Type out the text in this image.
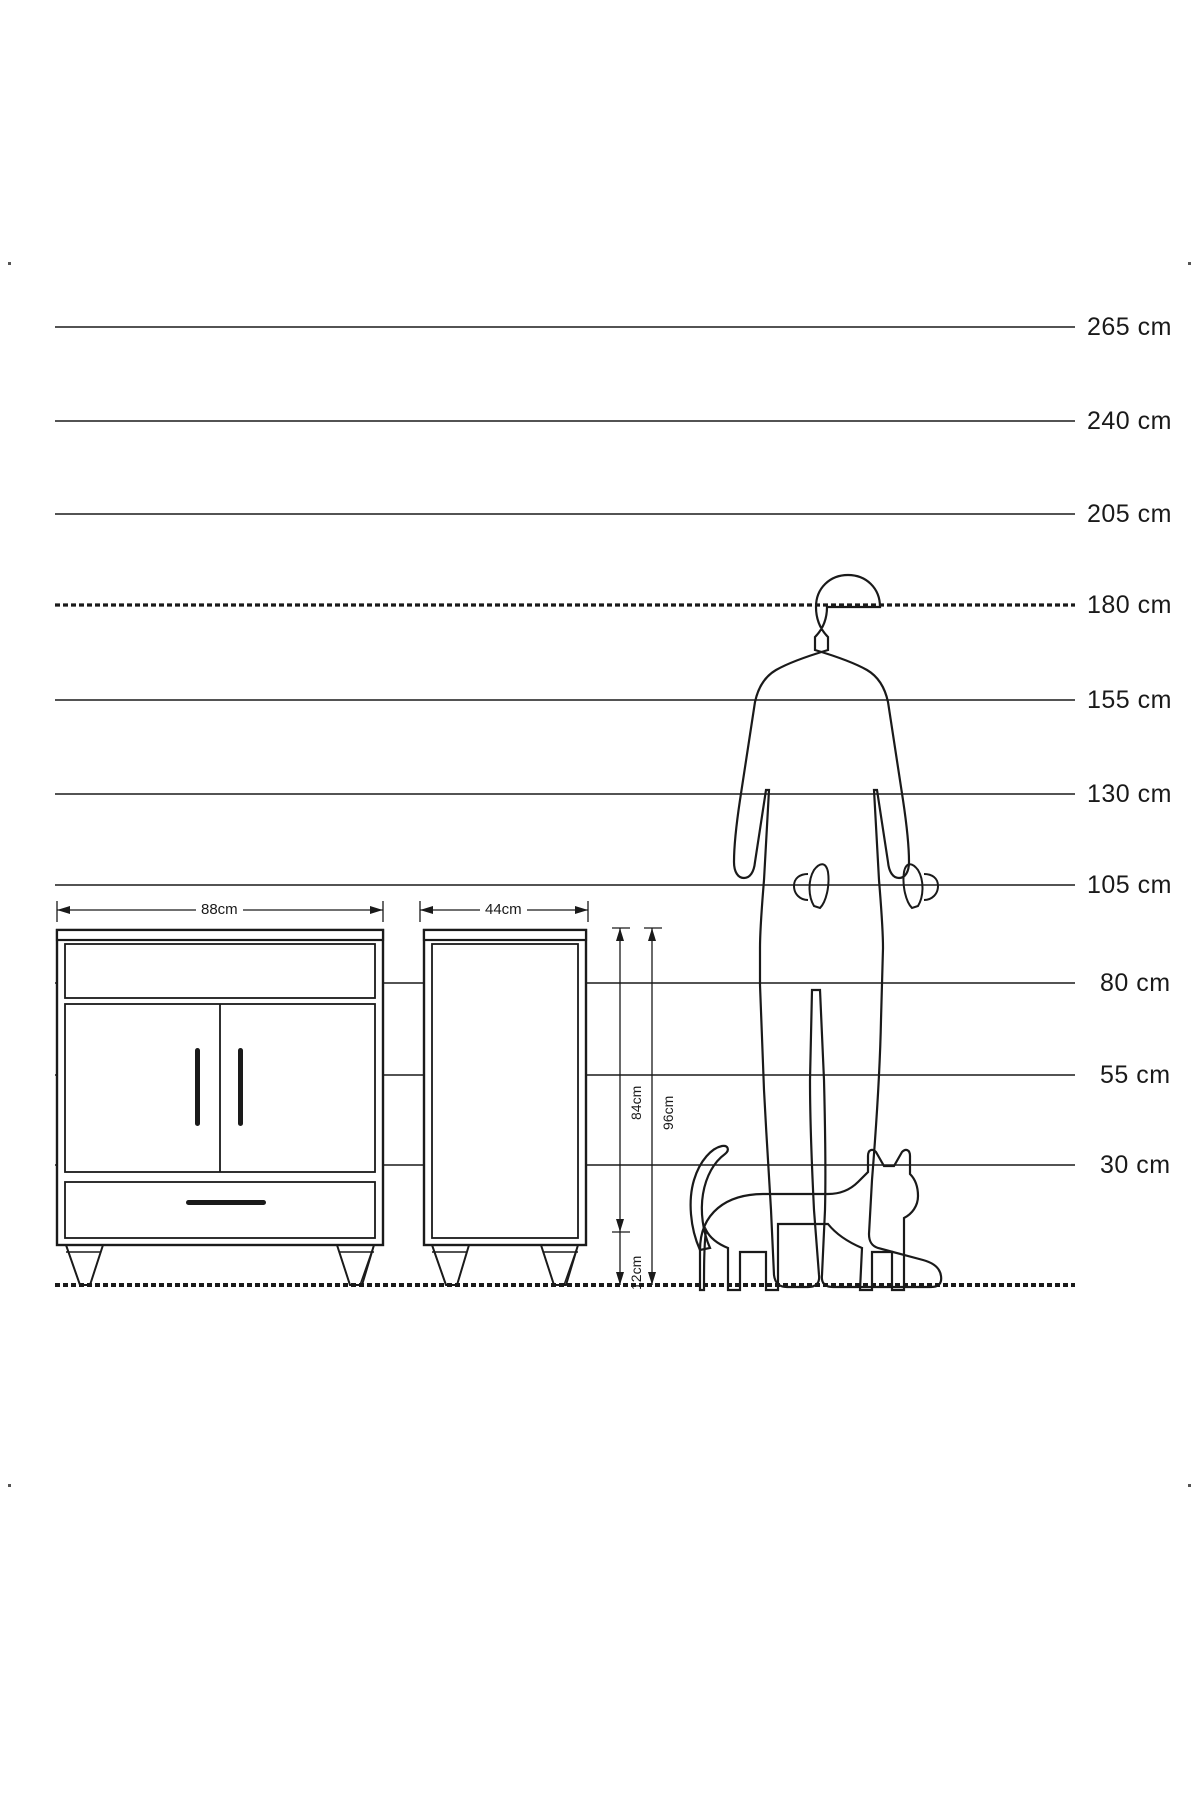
265 cm
240 cm
205 cm
180 cm
155 cm
130 cm
105 cm
80 cm
55 cm
30 cm
88cm	44cm
84cm 96cm
12cm
